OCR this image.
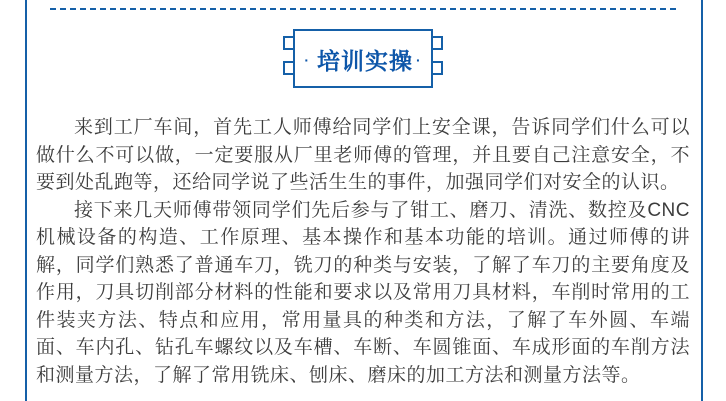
· 培训实操 ·

来到工厂车间，首先工人师傅给同学们上安全课，告诉同学们什么可以做什么不可以做，一定要服从厂里老师傅的管理，并且要自己注意安全，不要到处乱跑等，还给同学说了些活生生的事件，加强同学们对安全的认识。

接下来几天师傅带领同学们先后参与了钳工、磨刀、清洗、数控及CNC机械设备的构造、工作原理、基本操作和基本功能的培训。通过师傅的讲解，同学们熟悉了普通车刀，铣刀的种类与安装，了解了车刀的主要角度及作用，刀具切削部分材料的性能和要求以及常用刀具材料，车削时常用的工件装夹方法、特点和应用，常用量具的种类和方法，了解了车外圆、车端面、车内孔、钻孔车螺纹以及车槽、车断、车圆锥面、车成形面的车削方法和测量方法，了解了常用铣床、刨床、磨床的加工方法和测量方法等。
